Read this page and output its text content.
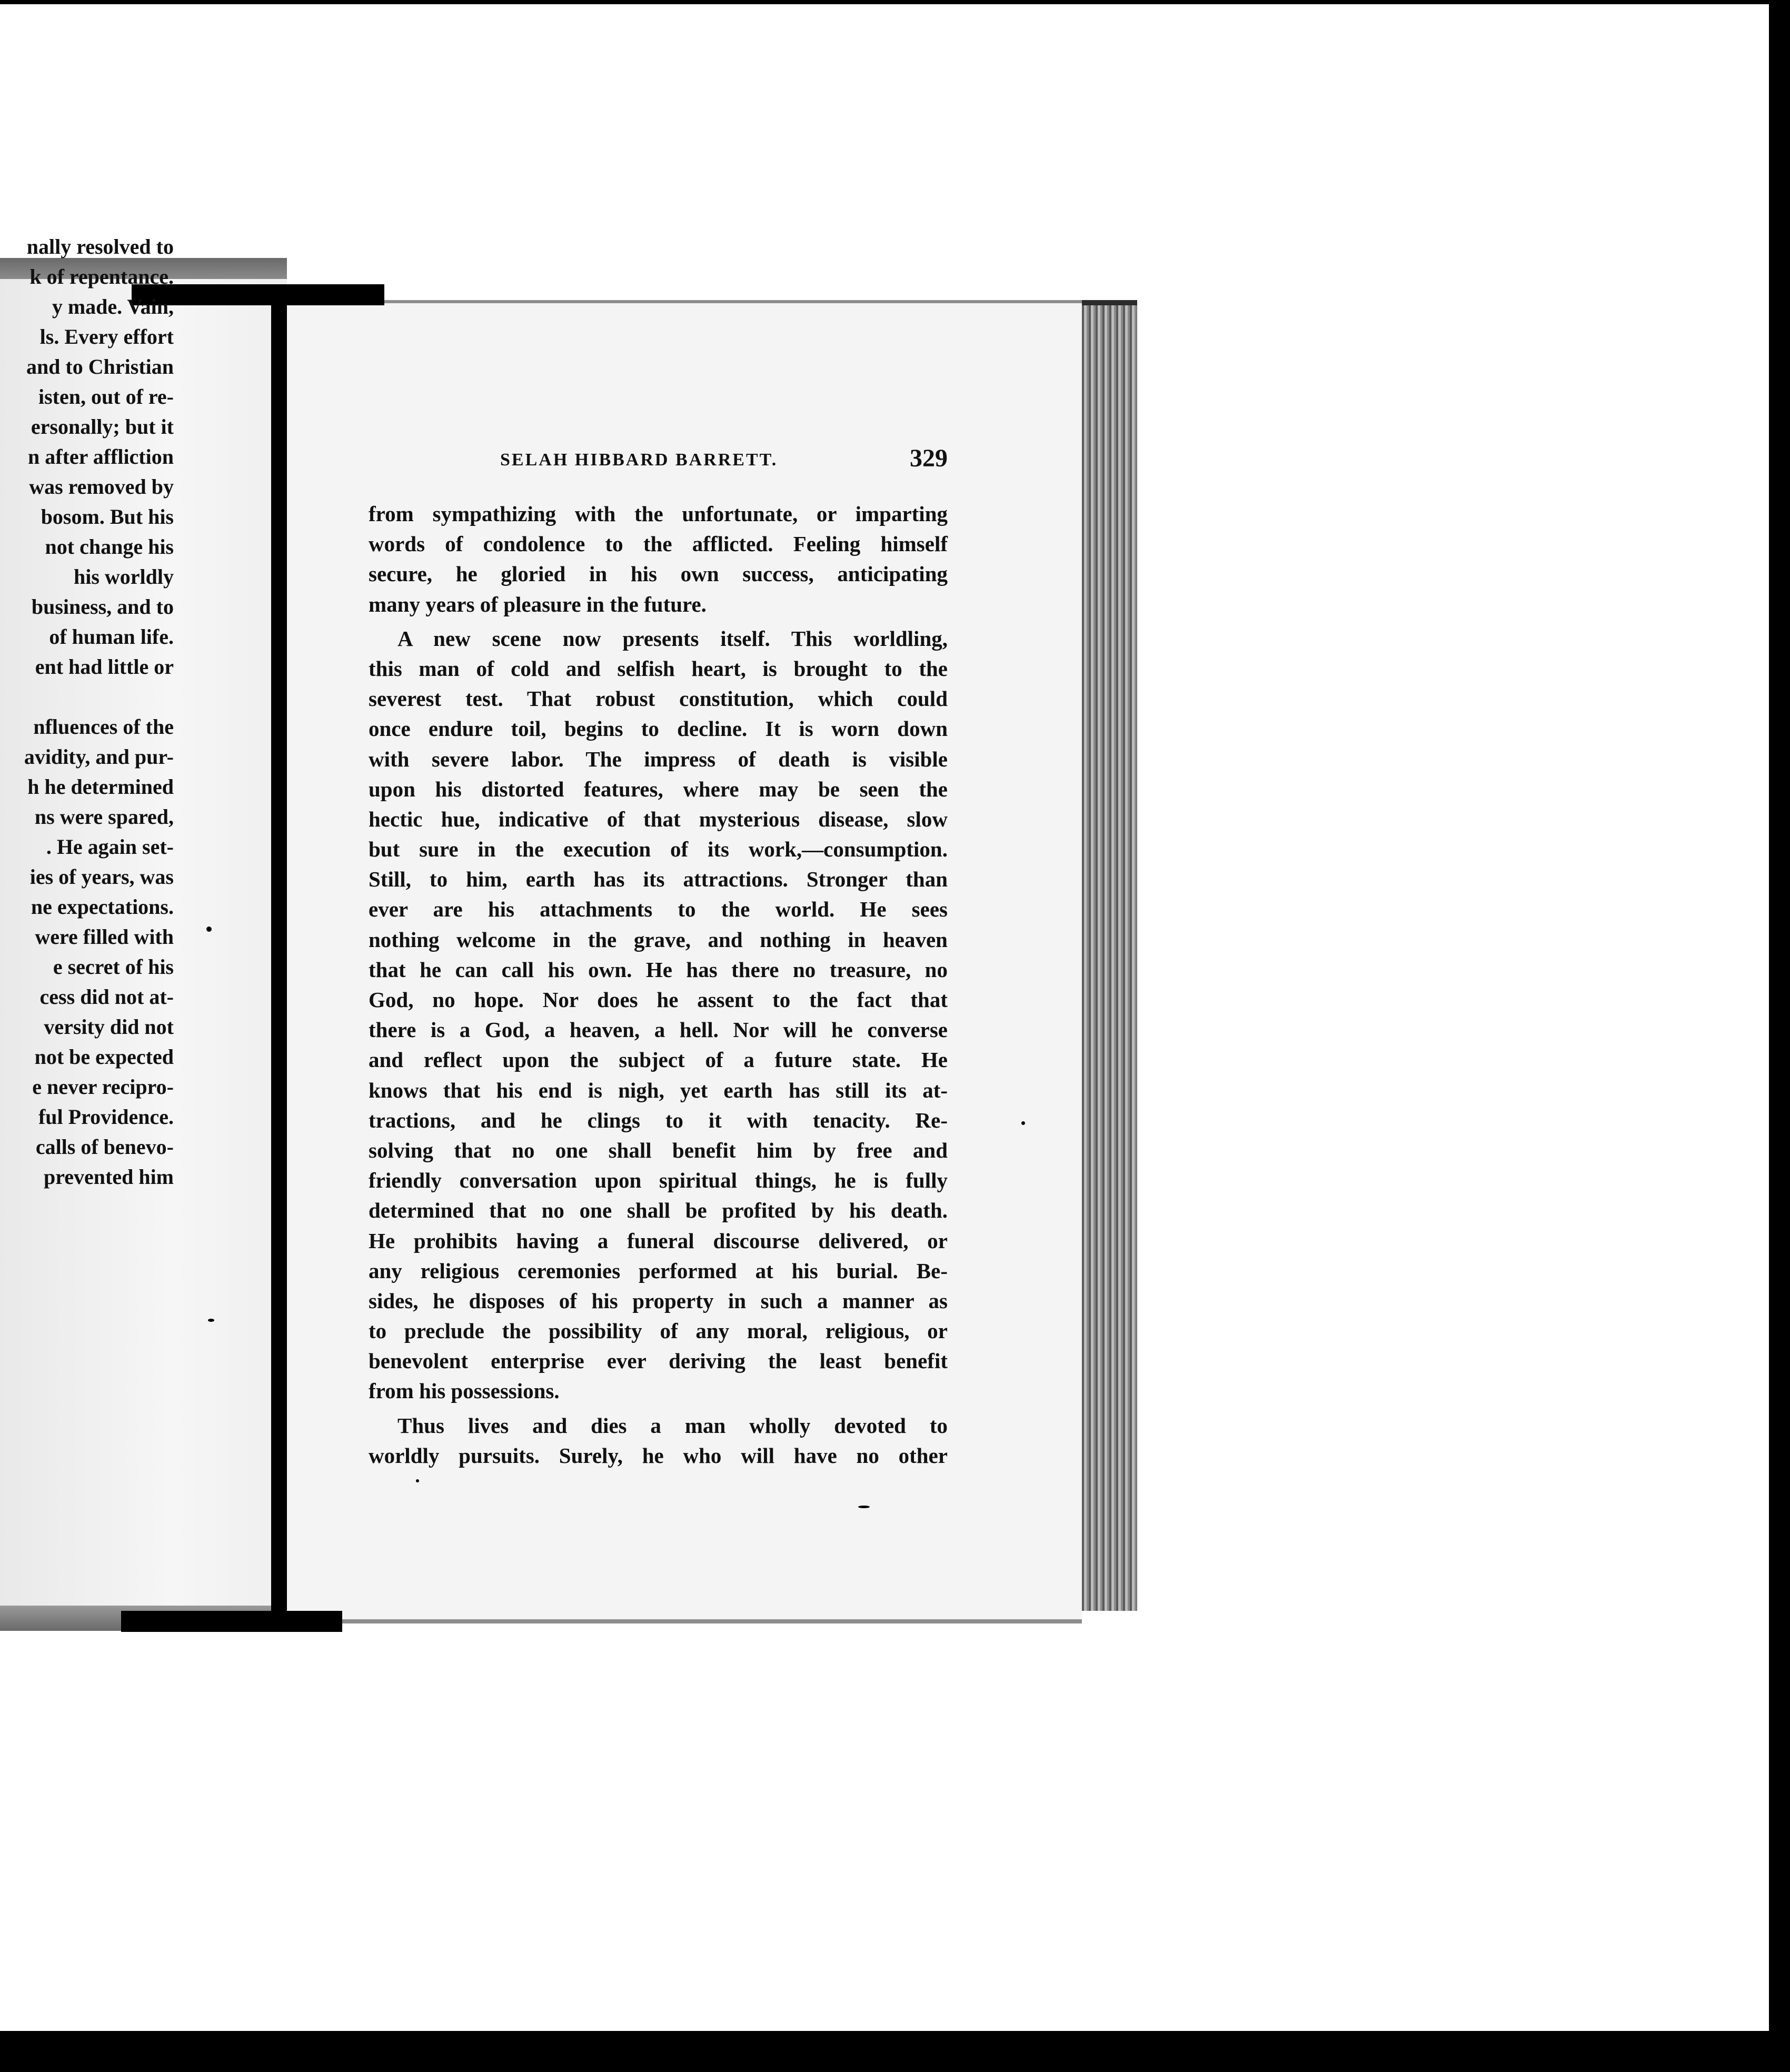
nally resolved to
k of repentance.
y made. Vain,
ls. Every effort
and to Christian
isten, out of re-
ersonally; but it
n after affliction
was removed by
bosom. But his
not change his
his worldly
business, and to
of human life.
ent had little or

nfluences of the
avidity, and pur-
h he determined
ns were spared,
. He again set-
ies of years, was
ne expectations.
were filled with
e secret of his
cess did not at-
versity did not
not be expected
e never recipro-
ful Providence.
calls of benevo-
prevented him
SELAH HIBBARD BARRETT.	329
from sympathizing with the unfortunate, or imparting
words of condolence to the afflicted. Feeling himself
secure, he gloried in his own success, anticipating
many years of pleasure in the future.
A new scene now presents itself. This worldling,
this man of cold and selfish heart, is brought to the
severest test. That robust constitution, which could
once endure toil, begins to decline. It is worn down
with severe labor. The impress of death is visible
upon his distorted features, where may be seen the
hectic hue, indicative of that mysterious disease, slow
but sure in the execution of its work,—consumption.
Still, to him, earth has its attractions. Stronger than
ever are his attachments to the world. He sees
nothing welcome in the grave, and nothing in heaven
that he can call his own. He has there no treasure, no
God, no hope. Nor does he assent to the fact that
there is a God, a heaven, a hell. Nor will he converse
and reflect upon the subject of a future state. He
knows that his end is nigh, yet earth has still its at-
tractions, and he clings to it with tenacity. Re-
solving that no one shall benefit him by free and
friendly conversation upon spiritual things, he is fully
determined that no one shall be profited by his death.
He prohibits having a funeral discourse delivered, or
any religious ceremonies performed at his burial. Be-
sides, he disposes of his property in such a manner as
to preclude the possibility of any moral, religious, or
benevolent enterprise ever deriving the least benefit
from his possessions.
Thus lives and dies a man wholly devoted to
worldly pursuits. Surely, he who will have no other
